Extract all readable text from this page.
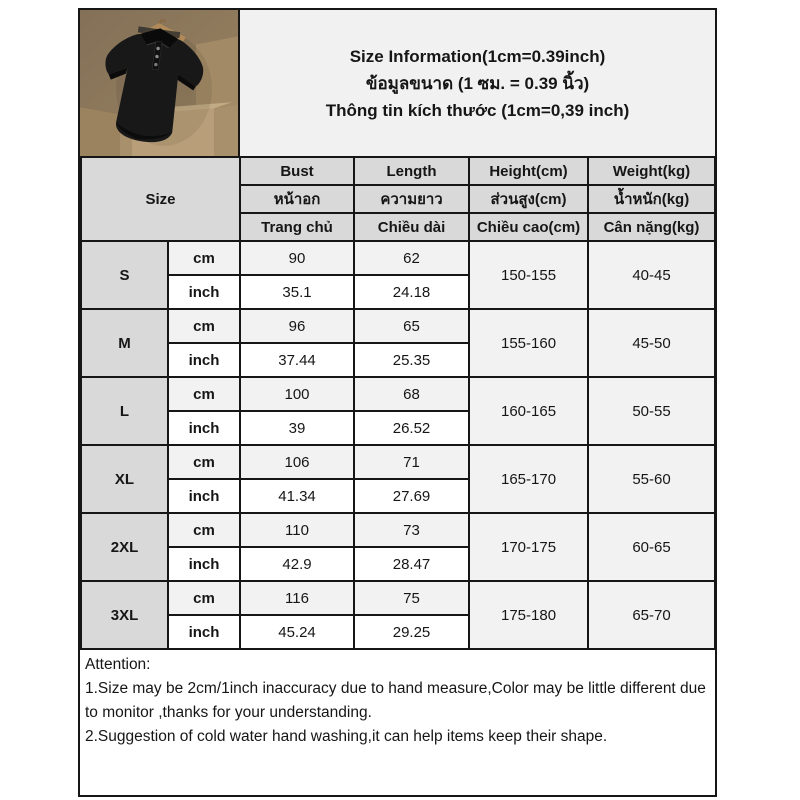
Size Information(1cm=0.39inch)
ข้อมูลขนาด (1 ซม. = 0.39 นิ้ว)
Thông tin kích thước (1cm=0,39 inch)
Size		Bust	Length	Height(cm)	Weight(kg)
		หน้าอก	ความยาว	ส่วนสูง(cm)	น้ำหนัก(kg)
		Trang chủ	Chiều dài	Chiều cao(cm)	Cân nặng(kg)
S	cm	90	62	150-155	40-45
	inch	35.1	24.18		
M	cm	96	65	155-160	45-50
	inch	37.44	25.35		
L	cm	100	68	160-165	50-55
	inch	39	26.52		
XL	cm	106	71	165-170	55-60
	inch	41.34	27.69		
2XL	cm	110	73	170-175	60-65
	inch	42.9	28.47		
3XL	cm	116	75	175-180	65-70
	inch	45.24	29.25		
Attention:
1.Size may be 2cm/1inch inaccuracy due to hand measure,Color may be little different due to monitor ,thanks for your understanding.
2.Suggestion of cold water hand washing,it can help items keep their shape.
